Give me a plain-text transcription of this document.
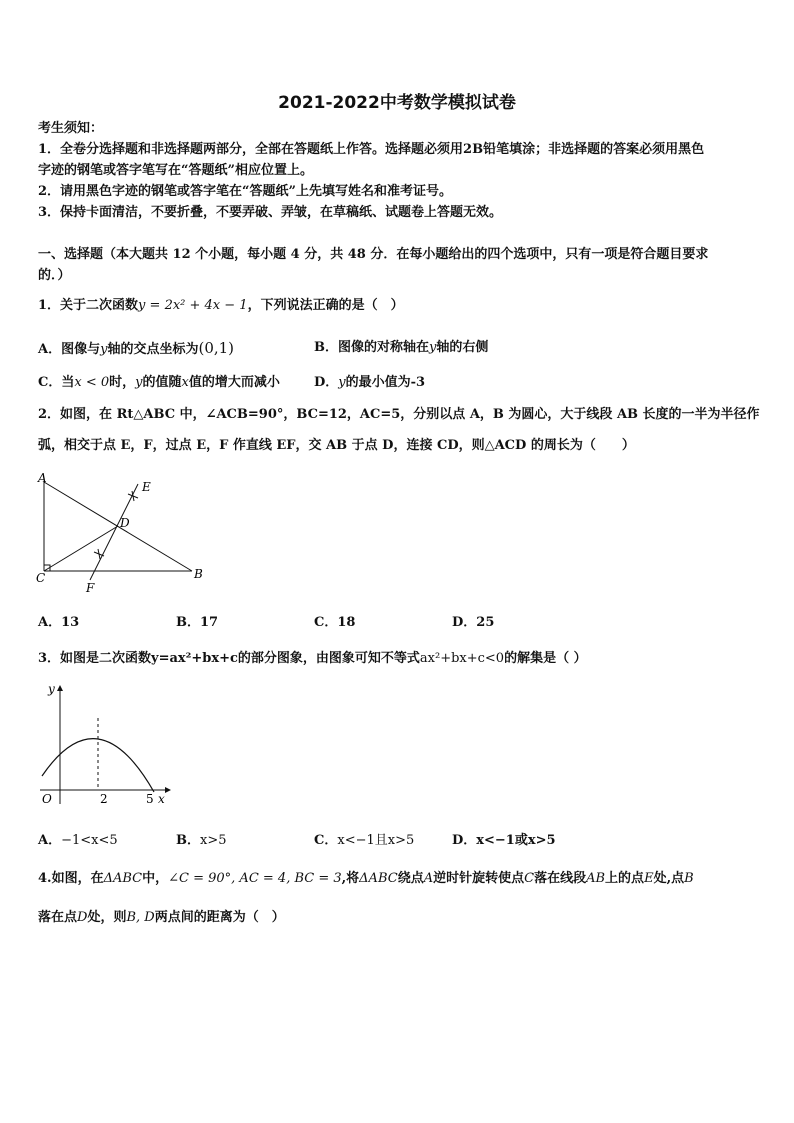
2021-2022中考数学模拟试卷
考生须知：
1．全卷分选择题和非选择题两部分，全部在答题纸上作答。选择题必须用2B铅笔填涂；非选择题的答案必须用黑色
字迹的钢笔或答字笔写在“答题纸”相应位置上。
2．请用黑色字迹的钢笔或答字笔在“答题纸”上先填写姓名和准考证号。
3．保持卡面清洁，不要折叠，不要弄破、弄皱，在草稿纸、试题卷上答题无效。
一、选择题（本大题共 12 个小题，每小题 4 分，共 48 分．在每小题给出的四个选项中，只有一项是符合题目要求
的．）
1．关于二次函数y = 2x² + 4x − 1，下列说法正确的是（　）
A．图像与y轴的交点坐标为(0,1)	B．图像的对称轴在y轴的右侧
C．当x < 0时，y的值随x值的增大而减小	D．y的最小值为-3
2．如图，在 Rt△ABC 中，∠ACB=90°，BC=12，AC=5，分别以点 A，B 为圆心，大于线段 AB 长度的一半为半径作
弧，相交于点 E，F，过点 E，F 作直线 EF，交 AB 于点 D，连接 CD，则△ACD 的周长为（　　）
A
C	B
D
E
F
A．13	B．17	C．18	D．25
3．如图是二次函数y=ax²+bx+c的部分图象，由图象可知不等式ax²+bx+c<0的解集是（ ）
y
O	2	5 x
A．−1<x<5	B．x>5	C．x<−1且x>5	D．x<−1或x>5
4.如图，在ΔABC中，∠C = 90°, AC = 4, BC = 3,将ΔABC绕点A逆时针旋转使点C落在线段AB上的点E处,点B
落在点D处，则B, D两点间的距离为（　）
